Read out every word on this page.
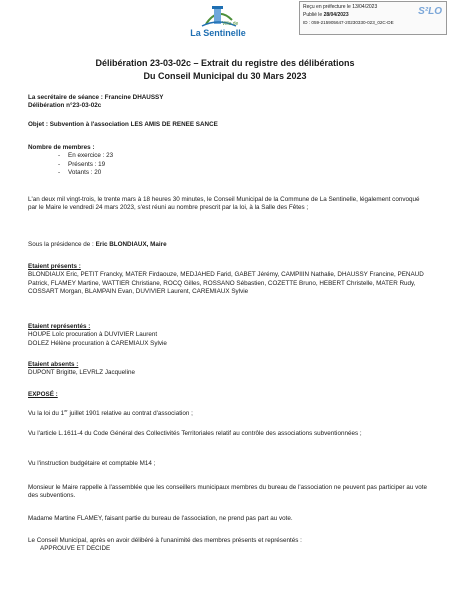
Ville de
La Sentinelle
Reçu en préfecture le 13/04/2023
Publié le 28/04/2023
ID : 059-215905647-20230330-023_02C-DE
S²LO
Délibération 23-03-02c – Extrait du registre des délibérations
Du Conseil Municipal du 30 Mars 2023
La secrétaire de séance : Francine DHAUSSY
Délibération n°23-03-02c
Objet : Subvention à l'association LES AMIS DE RENEE SANCE
Nombre de membres :
- En exercice : 23
- Présents : 19
- Votants : 20
L'an deux mil vingt-trois, le trente mars à 18 heures 30 minutes, le Conseil Municipal de la Commune de La Sentinelle, légalement convoqué par le Maire le vendredi 24 mars 2023, s'est réuni au nombre prescrit par la loi, à la Salle des Fêtes ;
Sous la présidence de : Eric BLONDIAUX, Maire
Etaient présents :
BLONDIAUX Eric, PETIT Francky, MATER Firdaouze, MEDJAHED Farid, GABET Jérémy, CAMPIIIN Nathalie, DHAUSSY Francine, PENAUD Patrick, FLAMEY Martine, WATTIER Christiane, ROCQ Gilles, ROSSANO Sébastien, COZETTE Bruno, HEBERT Christelle, MATER Rudy, COSSART Morgan, BLAMPAIN Evan, DUVIVIER Laurent, CAREMIAUX Sylvie
Etaient représentés :
HOUPE Loïc procuration à DUVIVIER Laurent
DOLEZ Hélène procuration à CAREMIAUX Sylvie
Etaient absents :
DUPONT Brigitte, LEVRLZ Jacqueline
EXPOSÉ :
Vu la loi du 1er juillet 1901 relative au contrat d'association ;
Vu l'article L.1611-4 du Code Général des Collectivités Territoriales relatif au contrôle des associations subventionnées ;
Vu l'instruction budgétaire et comptable M14 ;
Monsieur le Maire rappelle à l'assemblée que les conseillers municipaux membres du bureau de l'association ne peuvent pas participer au vote des subventions.
Madame Martine FLAMEY, faisant partie du bureau de l'association, ne prend pas part au vote.
Le Conseil Municipal, après en avoir délibéré à l'unanimité des membres présents et représentés :
APPROUVE ET DECIDE
